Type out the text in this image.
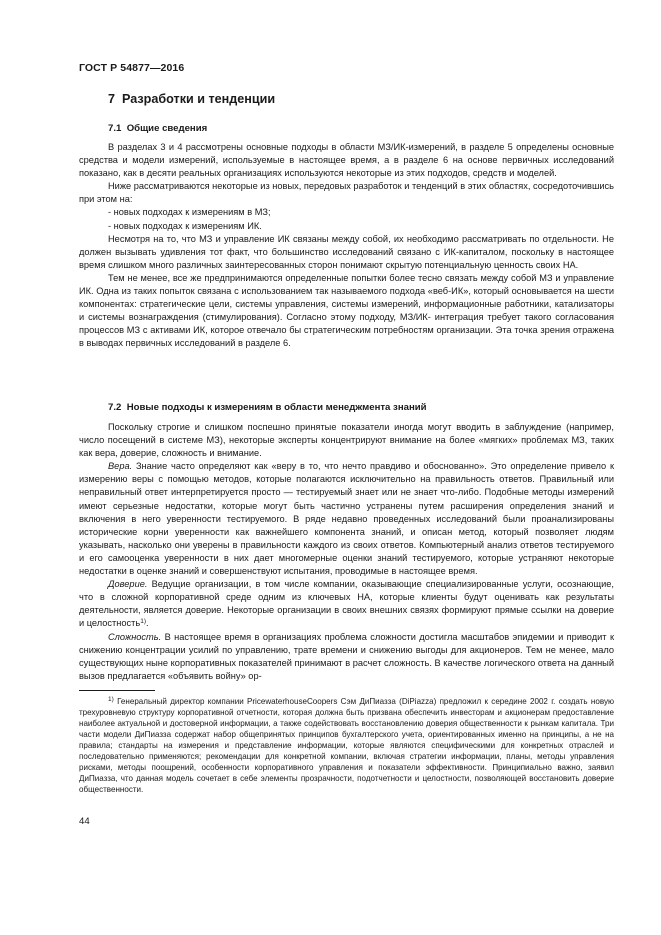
ГОСТ Р 54877—2016
7 Разработки и тенденции
7.1 Общие сведения

В разделах 3 и 4 рассмотрены основные подходы в области МЗ/ИК-измерений, в разделе 5 определены основные средства и модели измерений, используемые в настоящее время, а в разделе 6 на основе первичных исследований показано, как в десяти реальных организациях используются некоторые из этих подходов, средств и моделей.

Ниже рассматриваются некоторые из новых, передовых разработок и тенденций в этих областях, сосредоточившись при этом на:

- новых подходах к измерениям в МЗ;

- новых подходах к измерениям ИК.

Несмотря на то, что МЗ и управление ИК связаны между собой, их необходимо рассматривать по отдельности. Не должен вызывать удивления тот факт, что большинство исследований связано с ИК-капиталом, поскольку в настоящее время слишком много различных заинтересованных сторон понимают скрытую потенциальную ценность своих НА.

Тем не менее, все же предпринимаются определенные попытки более тесно связать между собой МЗ и управление ИК. Одна из таких попыток связана с использованием так называемого подхода «веб-ИК», который основывается на шести компонентах: стратегические цели, системы управления, системы измерений, информационные работники, катализаторы и системы вознаграждения (стимулирования). Согласно этому подходу, МЗ/ИК- интеграция требует такого согласования процессов МЗ с активами ИК, которое отвечало бы стратегическим потребностям организации. Эта точка зрения отражена в выводах первичных исследований в разделе 6.

7.2 Новые подходы к измерениям в области менеджмента знаний

Поскольку строгие и слишком поспешно принятые показатели иногда могут вводить в заблуждение (например, число посещений в системе МЗ), некоторые эксперты концентрируют внимание на более «мягких» проблемах МЗ, таких как вера, доверие, сложность и внимание.

Вера. Знание часто определяют как «веру в то, что нечто правдиво и обоснованно». Это определение привело к измерению веры с помощью методов, которые полагаются исключительно на правильность ответов. Правильный или неправильный ответ интерпретируется просто — тестируемый знает или не знает что-либо. Подобные методы измерений имеют серьезные недостатки, которые могут быть частично устранены путем расширения определения знаний и включения в него уверенности тестируемого. В ряде недавно проведенных исследований были проанализированы исторические корни уверенности как важнейшего компонента знаний, и описан метод, который позволяет людям указывать, насколько они уверены в правильности каждого из своих ответов. Компьютерный анализ ответов тестируемого и его самооценка уверенности в них дает многомерные оценки знаний тестируемого, которые устраняют некоторые недостатки в оценке знаний и совершенствуют испытания, проводимые в настоящее время.

Доверие. Ведущие организации, в том числе компании, оказывающие специализированные услуги, осознающие, что в сложной корпоративной среде одним из ключевых НА, которые клиенты будут оценивать как результаты деятельности, является доверие. Некоторые организации в своих внешних связях формируют прямые ссылки на доверие и целостность$^{1)}$.

Сложность. В настоящее время в организациях проблема сложности достигла масштабов эпидемии и приводит к снижению концентрации усилий по управлению, трате времени и снижению выгоды для акционеров. Тем не менее, мало существующих ныне корпоративных показателей принимают в расчет сложность. В качестве логического ответа на данный вызов предлагается «объявить войну» ор-

$^{1)}$ Генеральный директор компании PricewaterhouseCoopers Сэм ДиПиазза (DiPiazza) предложил к середине 2002 г. создать новую трехуровневую структуру корпоративной отчетности, которая должна быть призвана обеспечить инвесторам и акционерам предоставление наиболее актуальной и достоверной информации, а также содействовать восстановлению доверия общественности к рынкам капитала. Три части модели ДиПиазза содержат набор общепринятых принципов бухгалтерского учета, ориентированных именно на принципы, а не на правила; стандарты на измерения и представление информации, которые являются специфическими для конкретных отраслей и последовательно применяются; рекомендации для конкретной компании, включая стратегии информации, планы, методы управления рисками, методы поощрений, особенности корпоративного управления и показатели эффективности. Принципиально важно, заявил ДиПиазза, что данная модель сочетает в себе элементы прозрачности, подотчетности и целостности, позволяющей восстановить доверие общественности.

44
